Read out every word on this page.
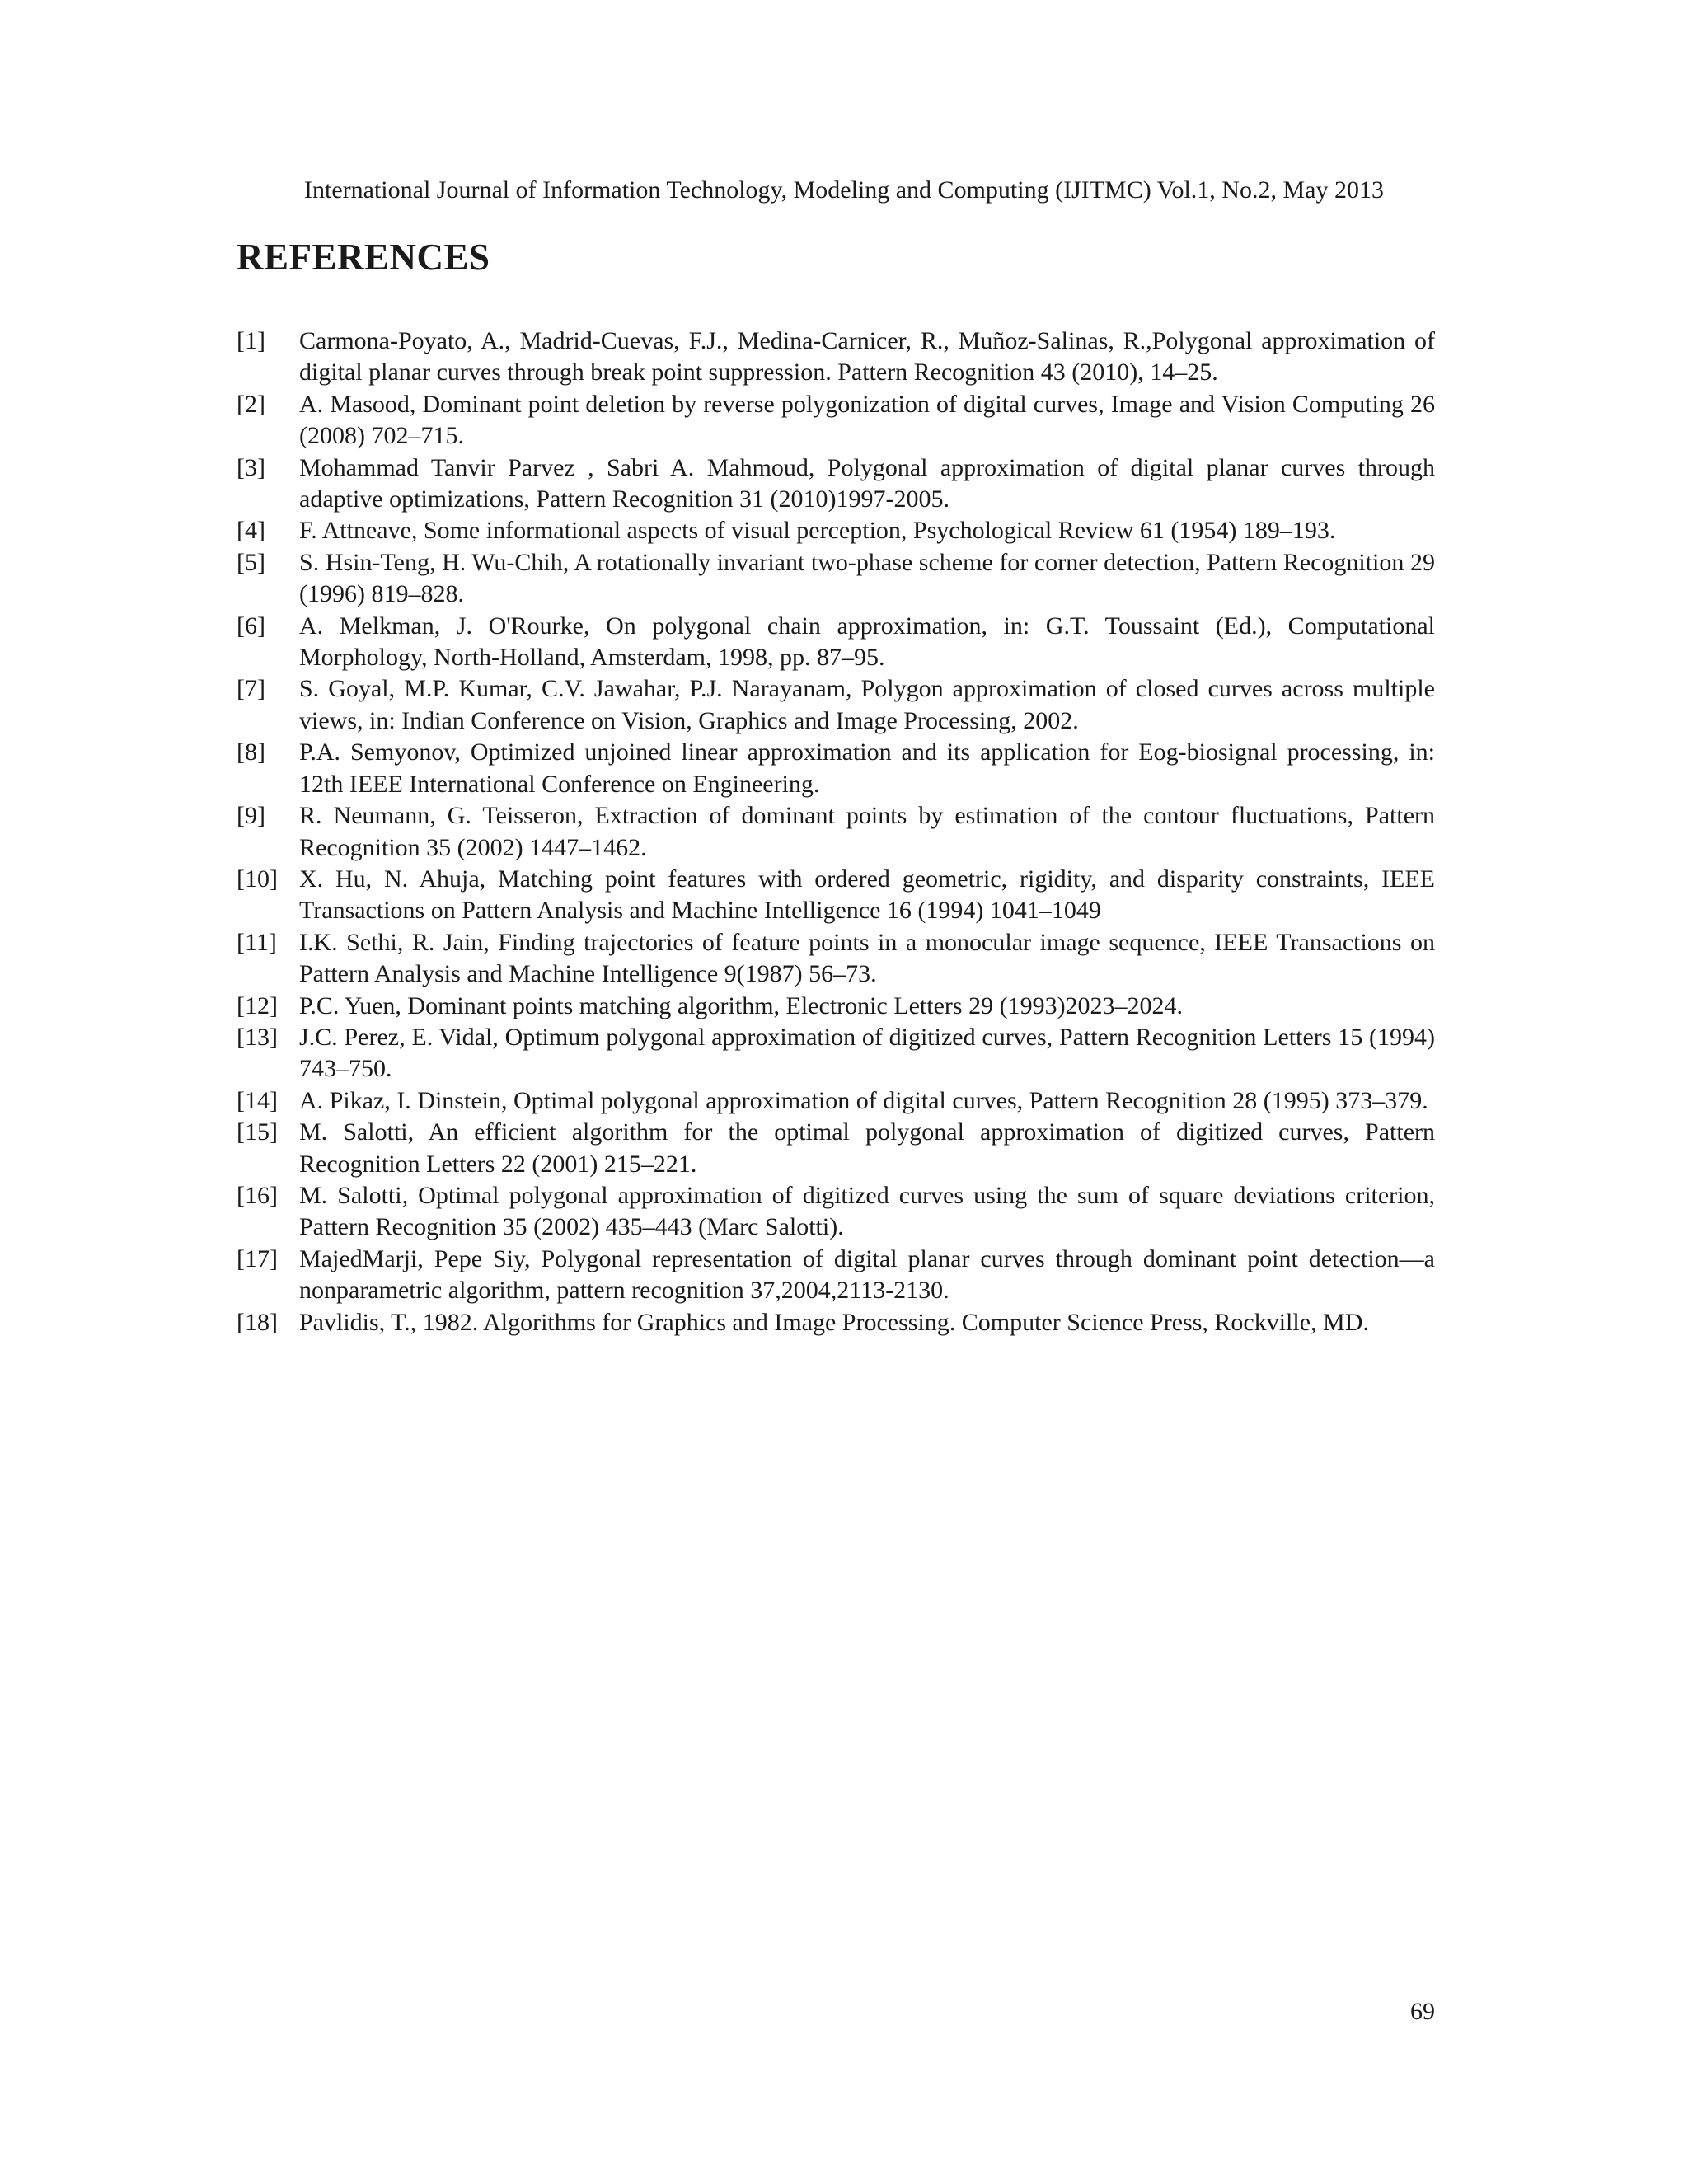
International Journal of Information Technology, Modeling and Computing (IJITMC) Vol.1, No.2, May 2013
REFERENCES
[1] Carmona-Poyato, A., Madrid-Cuevas, F.J., Medina-Carnicer, R., Muñoz-Salinas, R.,Polygonal approximation of digital planar curves through break point suppression. Pattern Recognition 43 (2010), 14–25.
[2] A. Masood, Dominant point deletion by reverse polygonization of digital curves, Image and Vision Computing 26 (2008) 702–715.
[3] Mohammad Tanvir Parvez , Sabri A. Mahmoud, Polygonal approximation of digital planar curves through adaptive optimizations, Pattern Recognition 31 (2010)1997-2005.
[4] F. Attneave, Some informational aspects of visual perception, Psychological Review 61 (1954) 189–193.
[5] S. Hsin-Teng, H. Wu-Chih, A rotationally invariant two-phase scheme for corner detection, Pattern Recognition 29 (1996) 819–828.
[6] A. Melkman, J. O'Rourke, On polygonal chain approximation, in: G.T. Toussaint (Ed.), Computational Morphology, North-Holland, Amsterdam, 1998, pp. 87–95.
[7] S. Goyal, M.P. Kumar, C.V. Jawahar, P.J. Narayanam, Polygon approximation of closed curves across multiple views, in: Indian Conference on Vision, Graphics and Image Processing, 2002.
[8] P.A. Semyonov, Optimized unjoined linear approximation and its application for Eog-biosignal processing, in: 12th IEEE International Conference on Engineering.
[9] R. Neumann, G. Teisseron, Extraction of dominant points by estimation of the contour fluctuations, Pattern Recognition 35 (2002) 1447–1462.
[10] X. Hu, N. Ahuja, Matching point features with ordered geometric, rigidity, and disparity constraints, IEEE Transactions on Pattern Analysis and Machine Intelligence 16 (1994) 1041–1049
[11] I.K. Sethi, R. Jain, Finding trajectories of feature points in a monocular image sequence, IEEE Transactions on Pattern Analysis and Machine Intelligence 9(1987) 56–73.
[12] P.C. Yuen, Dominant points matching algorithm, Electronic Letters 29 (1993)2023–2024.
[13] J.C. Perez, E. Vidal, Optimum polygonal approximation of digitized curves, Pattern Recognition Letters 15 (1994) 743–750.
[14] A. Pikaz, I. Dinstein, Optimal polygonal approximation of digital curves, Pattern Recognition 28 (1995) 373–379.
[15] M. Salotti, An efficient algorithm for the optimal polygonal approximation of digitized curves, Pattern Recognition Letters 22 (2001) 215–221.
[16] M. Salotti, Optimal polygonal approximation of digitized curves using the sum of square deviations criterion, Pattern Recognition 35 (2002) 435–443 (Marc Salotti).
[17] MajedMarji, Pepe Siy, Polygonal representation of digital planar curves through dominant point detection—a nonparametric algorithm, pattern recognition 37,2004,2113-2130.
[18] Pavlidis, T., 1982. Algorithms for Graphics and Image Processing. Computer Science Press, Rockville, MD.
69
